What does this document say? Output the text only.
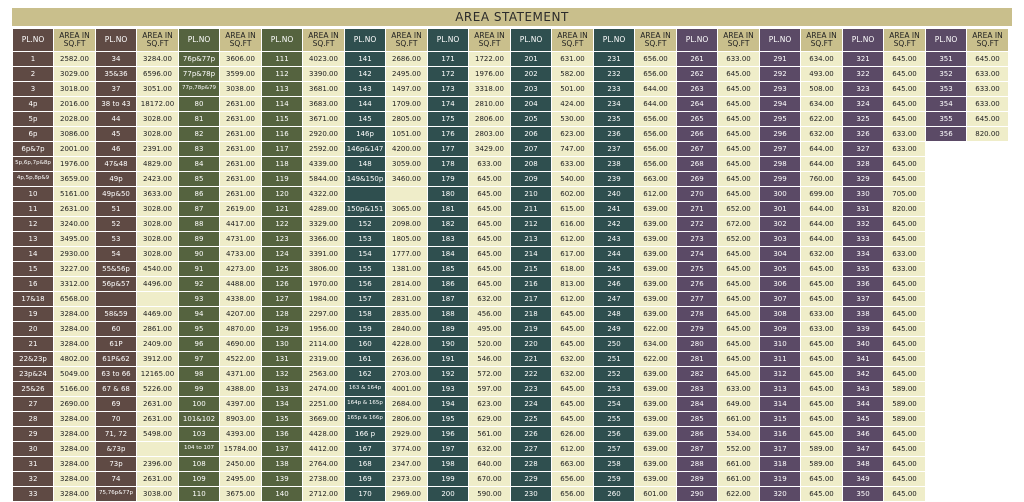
AREA STATEMENT
PL.NO	AREA IN SQ.FT	PL.NO	AREA IN SQ.FT	PL.NO	AREA IN SQ.FT	PL.NO	AREA IN SQ.FT	PL.NO	AREA IN SQ.FT	PL.NO	AREA IN SQ.FT	PL.NO	AREA IN SQ.FT	PL.NO	AREA IN SQ.FT	PL.NO	AREA IN SQ.FT	PL.NO	AREA IN SQ.FT	PL.NO	AREA IN SQ.FT	PL.NO	AREA IN SQ.FT
1	2582.00	34	3284.00	76p&77p	3606.00	111	4023.00	141	2686.00	171	1722.00	201	631.00	231	656.00	261	633.00	291	634.00	321	645.00	351	645.00
2	3029.00	35&36	6596.00	77p&78p	3599.00	112	3390.00	142	2495.00	172	1976.00	202	582.00	232	656.00	262	645.00	292	493.00	322	645.00	352	633.00
3	3018.00	37	3051.00	77p,78p&79	3038.00	113	3681.00	143	1497.00	173	3318.00	203	501.00	233	644.00	263	645.00	293	508.00	323	645.00	353	633.00
4p	2016.00	38 to 43	18172.00	80	2631.00	114	3683.00	144	1709.00	174	2810.00	204	424.00	234	644.00	264	645.00	294	634.00	324	645.00	354	633.00
5p	2028.00	44	3028.00	81	2631.00	115	3671.00	145	2805.00	175	2806.00	205	530.00	235	656.00	265	645.00	295	622.00	325	645.00	355	645.00
6p	3086.00	45	3028.00	82	2631.00	116	2920.00	146p	1051.00	176	2803.00	206	623.00	236	656.00	266	645.00	296	632.00	326	633.00	356	820.00
6p&7p	2001.00	46	2391.00	83	2631.00	117	2592.00	146p&147	4200.00	177	3429.00	207	747.00	237	656.00	267	645.00	297	644.00	327	633.00		
5p,6p,7p&8p	1976.00	47&48	4829.00	84	2631.00	118	4339.00	148	3059.00	178	633.00	208	633.00	238	656.00	268	645.00	298	644.00	328	645.00		
4p,5p,8p&9	3659.00	49p	2423.00	85	2631.00	119	5844.00	149&150p	3460.00	179	645.00	209	540.00	239	663.00	269	645.00	299	760.00	329	645.00		
10	5161.00	49p&50	3633.00	86	2631.00	120	4322.00			180	645.00	210	602.00	240	612.00	270	645.00	300	699.00	330	705.00		
11	2631.00	51	3028.00	87	2619.00	121	4289.00	150p&151	3065.00	181	645.00	211	615.00	241	639.00	271	652.00	301	644.00	331	820.00		
12	3240.00	52	3028.00	88	4417.00	122	3329.00	152	2098.00	182	645.00	212	616.00	242	639.00	272	672.00	302	644.00	332	645.00		
13	3495.00	53	3028.00	89	4731.00	123	3366.00	153	1805.00	183	645.00	213	612.00	243	639.00	273	652.00	303	644.00	333	645.00		
14	2930.00	54	3028.00	90	4733.00	124	3391.00	154	1777.00	184	645.00	214	617.00	244	639.00	274	645.00	304	632.00	334	633.00		
15	3227.00	55&56p	4540.00	91	4273.00	125	3806.00	155	1381.00	185	645.00	215	618.00	245	639.00	275	645.00	305	645.00	335	633.00		
16	3312.00	56p&57	4496.00	92	4488.00	126	1970.00	156	2814.00	186	645.00	216	813.00	246	639.00	276	645.00	306	645.00	336	645.00		
17&18	6568.00			93	4338.00	127	1984.00	157	2831.00	187	632.00	217	612.00	247	639.00	277	645.00	307	645.00	337	645.00		
19	3284.00	58&59	4469.00	94	4207.00	128	2297.00	158	2835.00	188	456.00	218	645.00	248	639.00	278	645.00	308	633.00	338	645.00		
20	3284.00	60	2861.00	95	4870.00	129	1956.00	159	2840.00	189	495.00	219	645.00	249	622.00	279	645.00	309	633.00	339	645.00		
21	3284.00	61P	2409.00	96	4690.00	130	2114.00	160	4228.00	190	520.00	220	645.00	250	634.00	280	645.00	310	645.00	340	645.00		
22&23p	4802.00	61P&62	3912.00	97	4522.00	131	2319.00	161	2636.00	191	546.00	221	632.00	251	622.00	281	645.00	311	645.00	341	645.00		
23p&24	5049.00	63 to 66	12165.00	98	4371.00	132	2563.00	162	2703.00	192	572.00	222	632.00	252	639.00	282	645.00	312	645.00	342	645.00		
25&26	5166.00	67 & 68	5226.00	99	4388.00	133	2474.00	163 & 164p	4001.00	193	597.00	223	645.00	253	639.00	283	633.00	313	645.00	343	589.00		
27	2690.00	69	2631.00	100	4397.00	134	2251.00	164p & 165p	2684.00	194	623.00	224	645.00	254	639.00	284	649.00	314	645.00	344	589.00		
28	3284.00	70	2631.00	101&102	8903.00	135	3669.00	165p & 166p	2806.00	195	629.00	225	645.00	255	639.00	285	661.00	315	645.00	345	589.00		
29	3284.00	71, 72	5498.00	103	4393.00	136	4428.00	166 p	2929.00	196	561.00	226	626.00	256	639.00	286	534.00	316	645.00	346	645.00		
30	3284.00	&73p		104 to 107	15784.00	137	4412.00	167	3774.00	197	632.00	227	612.00	257	639.00	287	552.00	317	589.00	347	645.00		
31	3284.00	73p	2396.00	108	2450.00	138	2764.00	168	2347.00	198	640.00	228	663.00	258	639.00	288	661.00	318	589.00	348	645.00		
32	3284.00	74	2631.00	109	2495.00	139	2738.00	169	2373.00	199	670.00	229	656.00	259	639.00	289	661.00	319	645.00	349	645.00		
33	3284.00	75,76p&77p	3038.00	110	3675.00	140	2712.00	170	2969.00	200	590.00	230	656.00	260	601.00	290	622.00	320	645.00	350	645.00		
